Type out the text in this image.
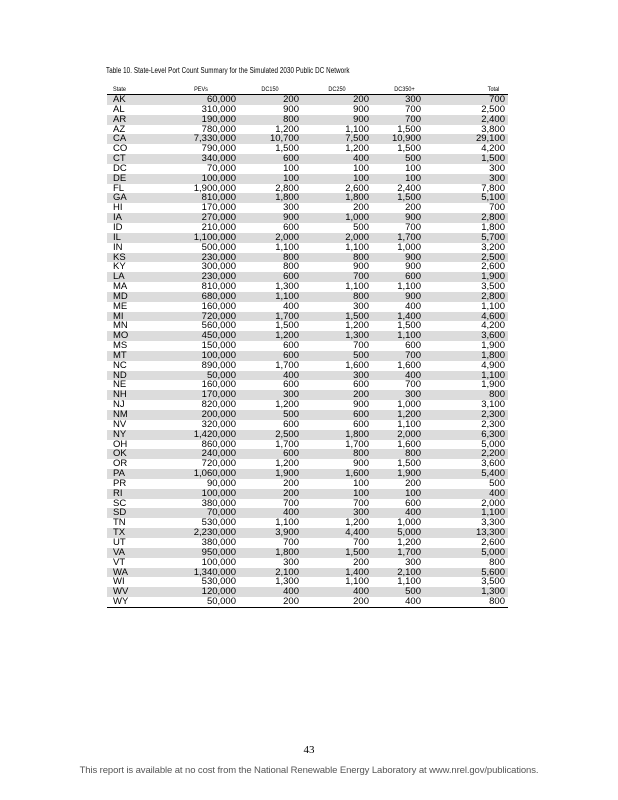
Table 10. State-Level Port Count Summary for the Simulated 2030 Public DC Network
State	PEVs	DC150	DC250	DC350+	Total
AK	60,000	200	200	300	700
AL	310,000	900	900	700	2,500
AR	190,000	800	900	700	2,400
AZ	780,000	1,200	1,100	1,500	3,800
CA	7,330,000	10,700	7,500	10,900	29,100
CO	790,000	1,500	1,200	1,500	4,200
CT	340,000	600	400	500	1,500
DC	70,000	100	100	100	300
DE	100,000	100	100	100	300
FL	1,900,000	2,800	2,600	2,400	7,800
GA	810,000	1,800	1,800	1,500	5,100
HI	170,000	300	200	200	700
IA	270,000	900	1,000	900	2,800
ID	210,000	600	500	700	1,800
IL	1,100,000	2,000	2,000	1,700	5,700
IN	500,000	1,100	1,100	1,000	3,200
KS	230,000	800	800	900	2,500
KY	300,000	800	900	900	2,600
LA	230,000	600	700	600	1,900
MA	810,000	1,300	1,100	1,100	3,500
MD	680,000	1,100	800	900	2,800
ME	160,000	400	300	400	1,100
MI	720,000	1,700	1,500	1,400	4,600
MN	560,000	1,500	1,200	1,500	4,200
MO	450,000	1,200	1,300	1,100	3,600
MS	150,000	600	700	600	1,900
MT	100,000	600	500	700	1,800
NC	890,000	1,700	1,600	1,600	4,900
ND	50,000	400	300	400	1,100
NE	160,000	600	600	700	1,900
NH	170,000	300	200	300	800
NJ	820,000	1,200	900	1,000	3,100
NM	200,000	500	600	1,200	2,300
NV	320,000	600	600	1,100	2,300
NY	1,420,000	2,500	1,800	2,000	6,300
OH	860,000	1,700	1,700	1,600	5,000
OK	240,000	600	800	800	2,200
OR	720,000	1,200	900	1,500	3,600
PA	1,060,000	1,900	1,600	1,900	5,400
PR	90,000	200	100	200	500
RI	100,000	200	100	100	400
SC	380,000	700	700	600	2,000
SD	70,000	400	300	400	1,100
TN	530,000	1,100	1,200	1,000	3,300
TX	2,230,000	3,900	4,400	5,000	13,300
UT	380,000	700	700	1,200	2,600
VA	950,000	1,800	1,500	1,700	5,000
VT	100,000	300	200	300	800
WA	1,340,000	2,100	1,400	2,100	5,600
WI	530,000	1,300	1,100	1,100	3,500
WV	120,000	400	400	500	1,300
WY	50,000	200	200	400	800
43
This report is available at no cost from the National Renewable Energy Laboratory at www.nrel.gov/publications.
